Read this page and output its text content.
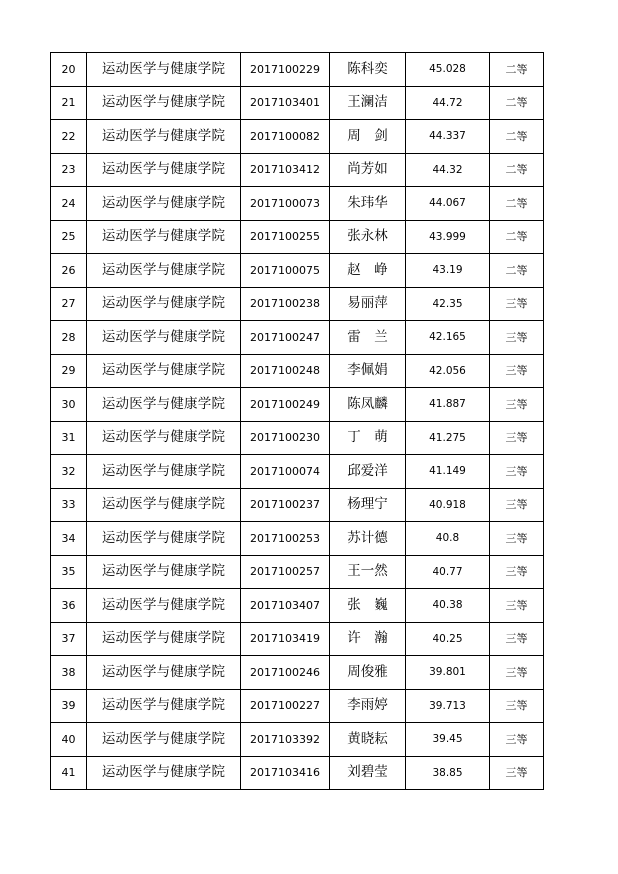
20	运动医学与健康学院	2017100229	陈科奕	45.028	二等
21	运动医学与健康学院	2017103401	王澜洁	44.72	二等
22	运动医学与健康学院	2017100082	周　剑	44.337	二等
23	运动医学与健康学院	2017103412	尚芳如	44.32	二等
24	运动医学与健康学院	2017100073	朱玮华	44.067	二等
25	运动医学与健康学院	2017100255	张永林	43.999	二等
26	运动医学与健康学院	2017100075	赵　峥	43.19	二等
27	运动医学与健康学院	2017100238	易丽萍	42.35	三等
28	运动医学与健康学院	2017100247	雷　兰	42.165	三等
29	运动医学与健康学院	2017100248	李佩娟	42.056	三等
30	运动医学与健康学院	2017100249	陈凤麟	41.887	三等
31	运动医学与健康学院	2017100230	丁　萌	41.275	三等
32	运动医学与健康学院	2017100074	邱爱洋	41.149	三等
33	运动医学与健康学院	2017100237	杨理宁	40.918	三等
34	运动医学与健康学院	2017100253	苏计德	40.8	三等
35	运动医学与健康学院	2017100257	王一然	40.77	三等
36	运动医学与健康学院	2017103407	张　巍	40.38	三等
37	运动医学与健康学院	2017103419	许　瀚	40.25	三等
38	运动医学与健康学院	2017100246	周俊雅	39.801	三等
39	运动医学与健康学院	2017100227	李雨婷	39.713	三等
40	运动医学与健康学院	2017103392	黄晓耘	39.45	三等
41	运动医学与健康学院	2017103416	刘碧莹	38.85	三等
